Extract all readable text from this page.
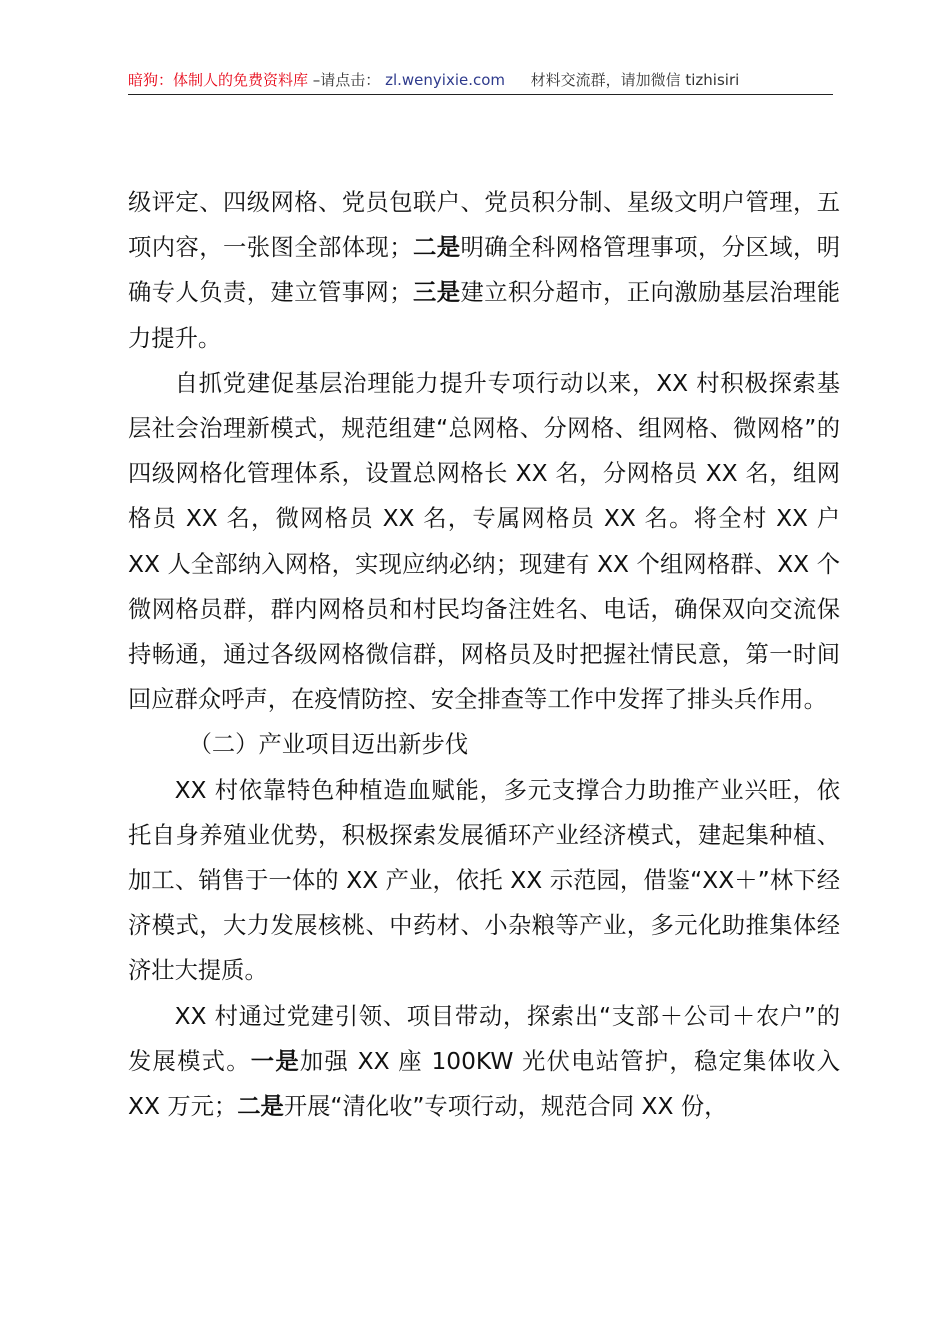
暗狗：体制人的免费资料库 –请点击： zl.wenyixie.com 材料交流群，请加微信 tizhisiri

级评定、四级网格、党员包联户、党员积分制、星级文明户管理，五项内容，一张图全部体现；二是明确全科网格管理事项，分区域，明确专人负责，建立管事网；三是建立积分超市，正向激励基层治理能力提升。

自抓党建促基层治理能力提升专项行动以来，XX 村积极探索基层社会治理新模式，规范组建“总网格、分网格、组网格、微网格”的四级网格化管理体系，设置总网格长 XX 名，分网格员 XX 名，组网格员 XX 名，微网格员 XX 名，专属网格员 XX 名。将全村 XX 户 XX 人全部纳入网格，实现应纳必纳；现建有 XX 个组网格群、XX 个微网格员群，群内网格员和村民均备注姓名、电话，确保双向交流保持畅通，通过各级网格微信群，网格员及时把握社情民意，第一时间回应群众呼声，在疫情防控、安全排查等工作中发挥了排头兵作用。

（二）产业项目迈出新步伐

XX 村依靠特色种植造血赋能，多元支撑合力助推产业兴旺，依托自身养殖业优势，积极探索发展循环产业经济模式，建起集种植、加工、销售于一体的 XX 产业，依托 XX 示范园，借鉴“XX＋”林下经济模式，大力发展核桃、中药材、小杂粮等产业，多元化助推集体经济壮大提质。

XX 村通过党建引领、项目带动，探索出“支部＋公司＋农户”的发展模式。一是加强 XX 座 100KW 光伏电站管护，稳定集体收入 XX 万元；二是开展“清化收”专项行动，规范合同 XX 份，
